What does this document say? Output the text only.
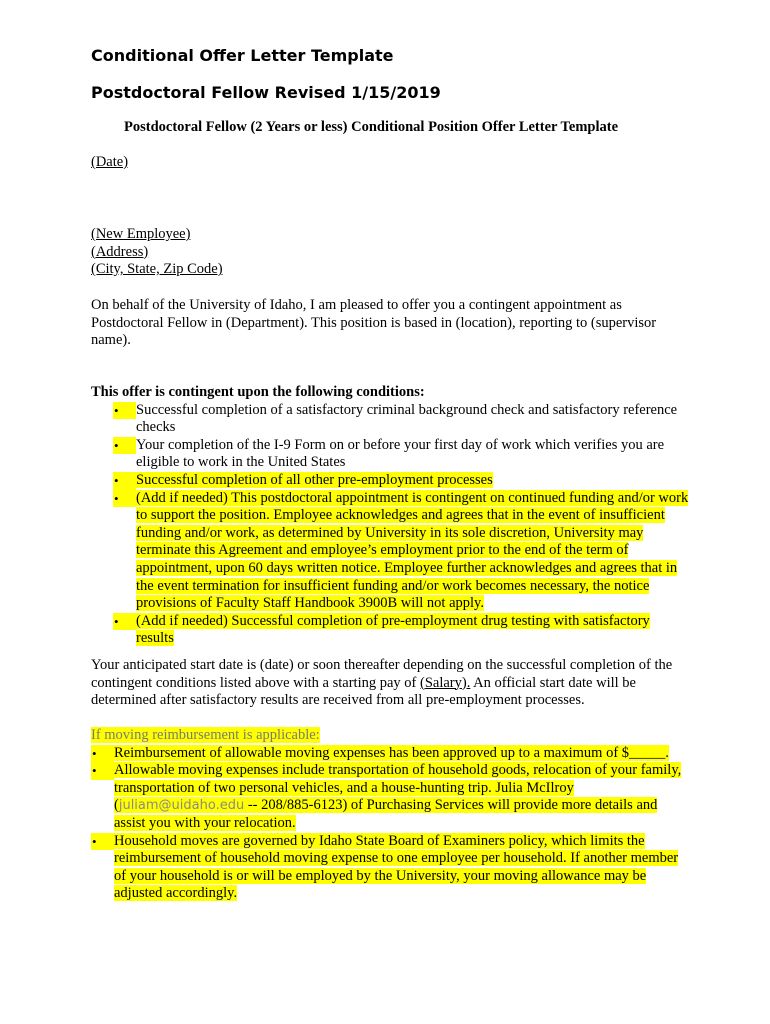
Conditional Offer Letter Template
Postdoctoral Fellow Revised 1/15/2019
Postdoctoral Fellow (2 Years or less) Conditional Position Offer Letter Template
(Date)
(New Employee)
(Address)
(City, State, Zip Code)

On behalf of the University of Idaho, I am pleased to offer you a contingent appointment as Postdoctoral Fellow in (Department). This position is based in (location), reporting to (supervisor name).

This offer is contingent upon the following conditions:
•	Successful completion of a satisfactory criminal background check and satisfactory reference checks
•	Your completion of the I-9 Form on or before your first day of work which verifies you are eligible to work in the United States
•	Successful completion of all other pre-employment processes
•	(Add if needed) This postdoctoral appointment is contingent on continued funding and/or work to support the position. Employee acknowledges and agrees that in the event of insufficient funding and/or work, as determined by University in its sole discretion, University may terminate this Agreement and employee’s employment prior to the end of the term of appointment, upon 60 days written notice. Employee further acknowledges and agrees that in the event termination for insufficient funding and/or work becomes necessary, the notice provisions of Faculty Staff Handbook 3900B will not apply.
•	(Add if needed) Successful completion of pre-employment drug testing with satisfactory results

Your anticipated start date is (date) or soon thereafter depending on the successful completion of the contingent conditions listed above with a starting pay of (Salary). An official start date will be determined after satisfactory results are received from all pre-employment processes.

If moving reimbursement is applicable:
•	Reimbursement of allowable moving expenses has been approved up to a maximum of $_____.
•	Allowable moving expenses include transportation of household goods, relocation of your family, transportation of two personal vehicles, and a house-hunting trip. Julia McIlroy (juliam@uidaho.edu -- 208/885-6123) of Purchasing Services will provide more details and assist you with your relocation.
•	Household moves are governed by Idaho State Board of Examiners policy, which limits the reimbursement of household moving expense to one employee per household. If another member of your household is or will be employed by the University, your moving allowance may be adjusted accordingly.
